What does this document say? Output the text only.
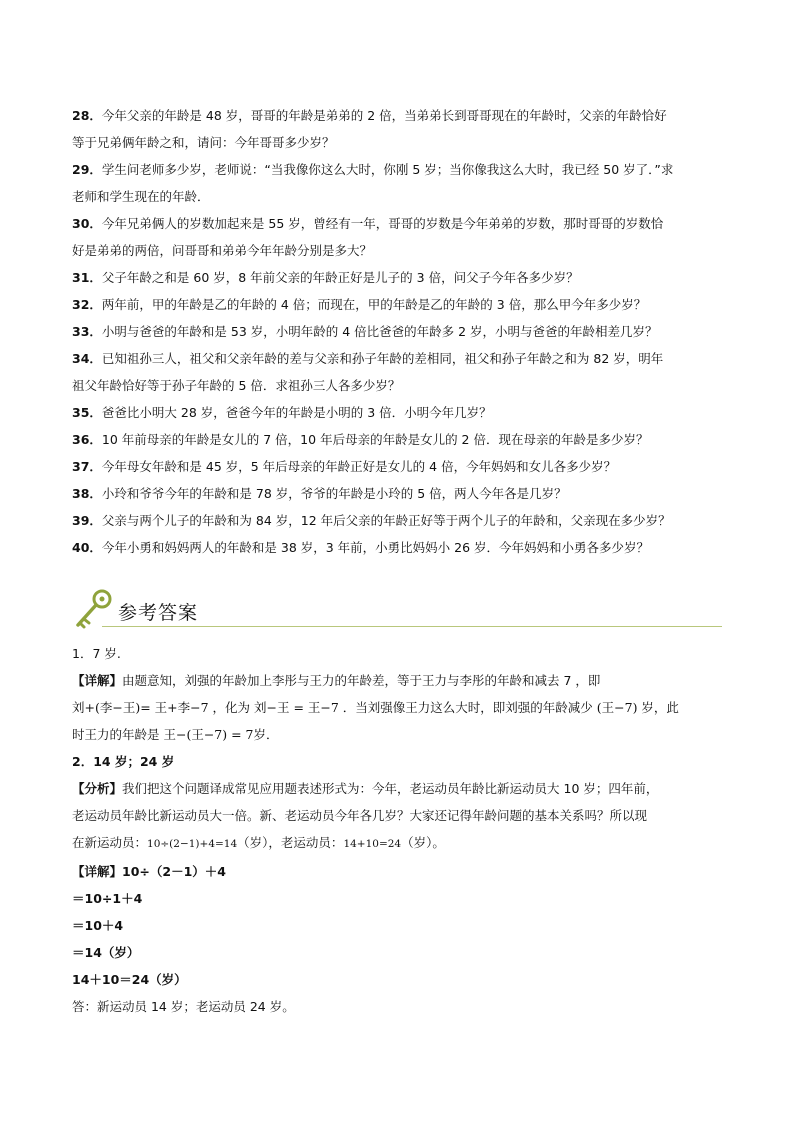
28．今年父亲的年龄是 48 岁，哥哥的年龄是弟弟的 2 倍，当弟弟长到哥哥现在的年龄时，父亲的年龄恰好

等于兄弟俩年龄之和，请问：今年哥哥多少岁？

29．学生问老师多少岁，老师说：“当我像你这么大时，你刚 5 岁；当你像我这么大时，我已经 50 岁了．”求

老师和学生现在的年龄．

30．今年兄弟俩人的岁数加起来是 55 岁，曾经有一年，哥哥的岁数是今年弟弟的岁数，那时哥哥的岁数恰

好是弟弟的两倍，问哥哥和弟弟今年年龄分别是多大？

31．父子年龄之和是 60 岁，8 年前父亲的年龄正好是儿子的 3 倍，问父子今年各多少岁？

32．两年前，甲的年龄是乙的年龄的 4 倍；而现在，甲的年龄是乙的年龄的 3 倍，那么甲今年多少岁？

33．小明与爸爸的年龄和是 53 岁，小明年龄的 4 倍比爸爸的年龄多 2 岁，小明与爸爸的年龄相差几岁？

34．已知祖孙三人，祖父和父亲年龄的差与父亲和孙子年龄的差相同，祖父和孙子年龄之和为 82 岁，明年

祖父年龄恰好等于孙子年龄的 5 倍．求祖孙三人各多少岁？

35．爸爸比小明大 28 岁，爸爸今年的年龄是小明的 3 倍．小明今年几岁？

36．10 年前母亲的年龄是女儿的 7 倍，10 年后母亲的年龄是女儿的 2 倍．现在母亲的年龄是多少岁？

37．今年母女年龄和是 45 岁，5 年后母亲的年龄正好是女儿的 4 倍，今年妈妈和女儿各多少岁？

38．小玲和爷爷今年的年龄和是 78 岁，爷爷的年龄是小玲的 5 倍，两人今年各是几岁？

39．父亲与两个儿子的年龄和为 84 岁，12 年后父亲的年龄正好等于两个儿子的年龄和，父亲现在多少岁？

40．今年小勇和妈妈两人的年龄和是 38 岁，3 年前，小勇比妈妈小 26 岁．今年妈妈和小勇各多少岁？

参考答案

1．7 岁.

【详解】由题意知，刘强的年龄加上李彤与王力的年龄差，等于王力与李彤的年龄和减去 7 ，即

刘+(李−王)= 王+李−7 ，化为 刘−王 = 王−7 ．当刘强像王力这么大时，即刘强的年龄减少 (王−7) 岁，此

时王力的年龄是 王−(王−7) = 7岁．

2．14 岁；24 岁

【分析】我们把这个问题译成常见应用题表述形式为：今年，老运动员年龄比新运动员大 10 岁；四年前，

老运动员年龄比新运动员大一倍。新、老运动员今年各几岁？大家还记得年龄问题的基本关系吗？所以现

在新运动员：10÷(2−1)+4=14（岁），老运动员：14+10=24（岁）。

【详解】10÷（2－1）＋4

＝10÷1＋4

＝10＋4

＝14（岁）

14＋10＝24（岁）

答：新运动员 14 岁；老运动员 24 岁。
